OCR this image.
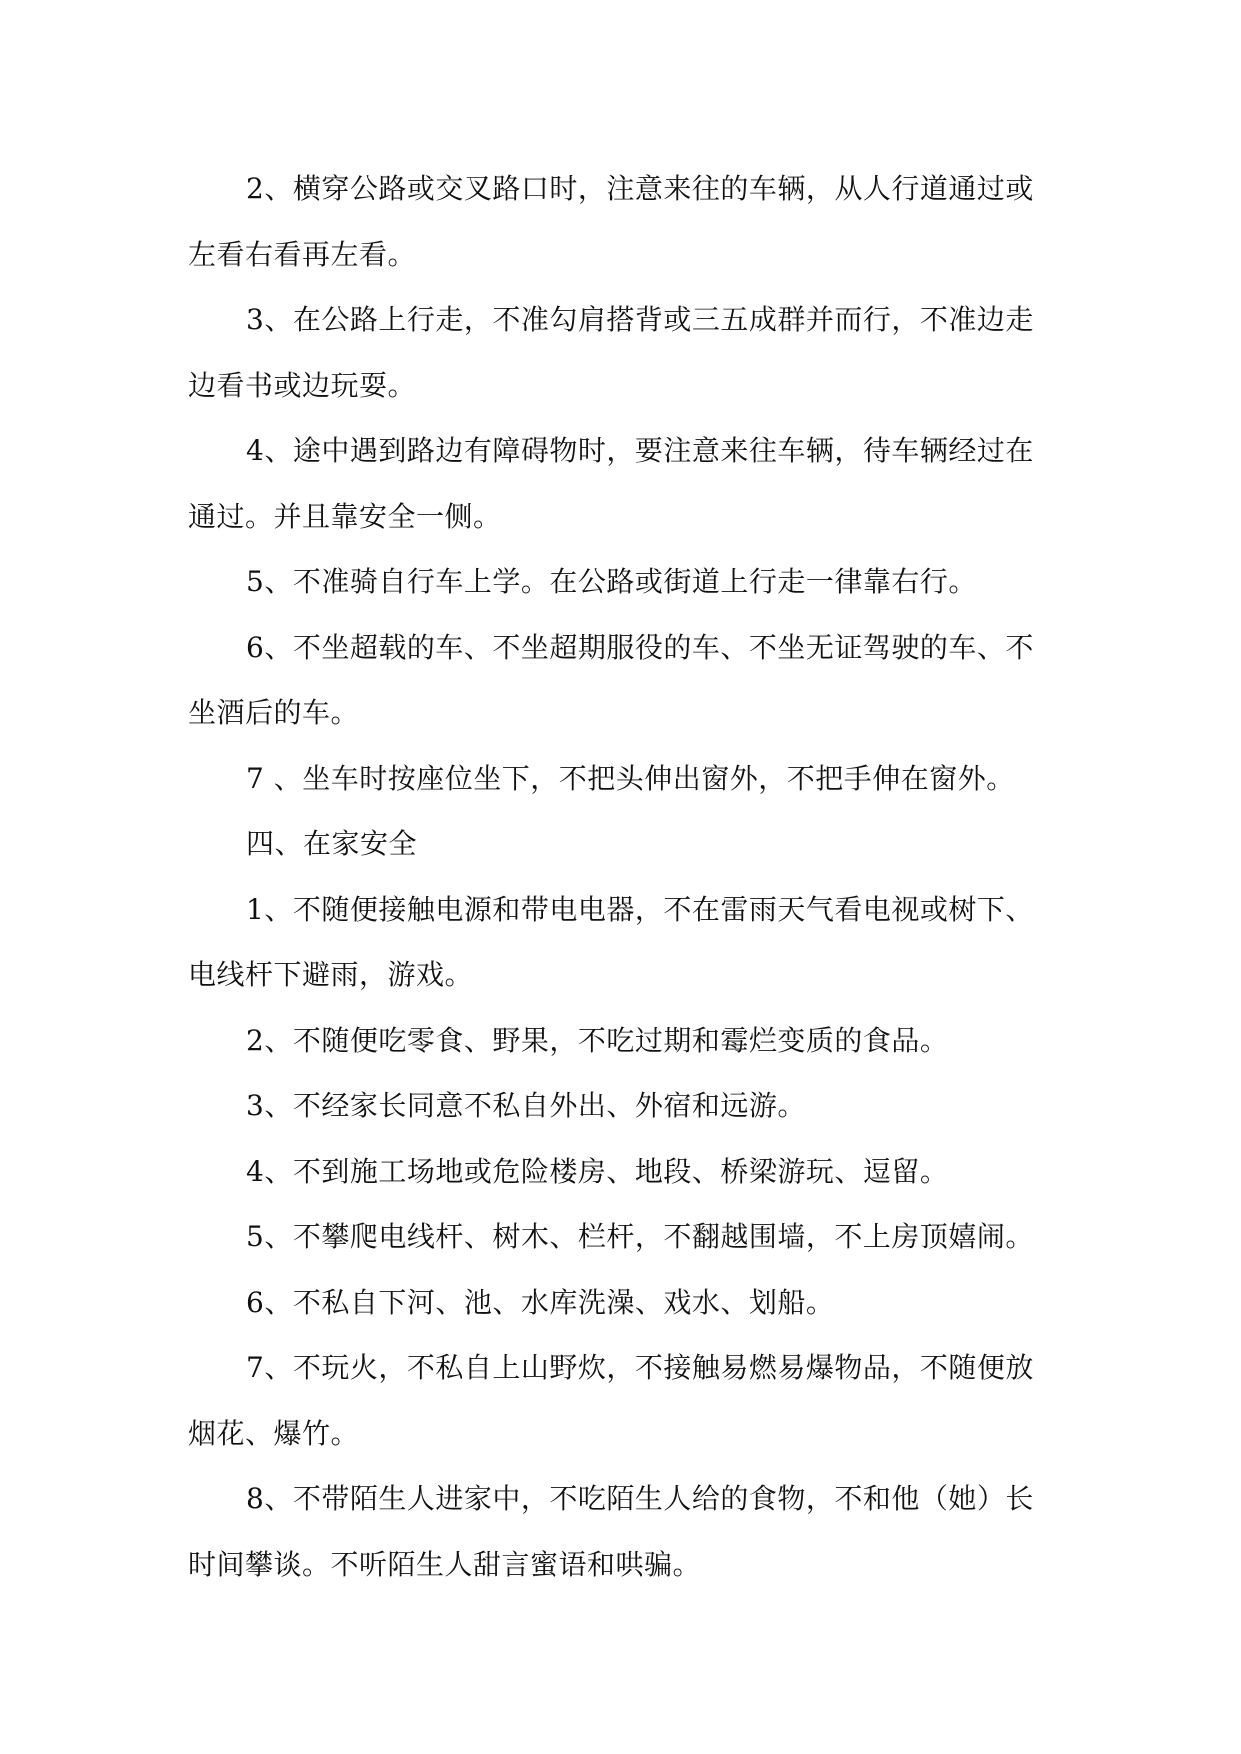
2、横穿公路或交叉路口时，注意来往的车辆，从人行道通过或左看右看再左看。

3、在公路上行走，不准勾肩搭背或三五成群并而行，不准边走边看书或边玩耍。

4、途中遇到路边有障碍物时，要注意来往车辆，待车辆经过在通过。并且靠安全一侧。

5、不准骑自行车上学。在公路或街道上行走一律靠右行。

6、不坐超载的车、不坐超期服役的车、不坐无证驾驶的车、不坐酒后的车。

7 、坐车时按座位坐下，不把头伸出窗外，不把手伸在窗外。

四、在家安全

1、不随便接触电源和带电电器，不在雷雨天气看电视或树下、电线杆下避雨，游戏。

2、不随便吃零食、野果，不吃过期和霉烂变质的食品。

3、不经家长同意不私自外出、外宿和远游。

4、不到施工场地或危险楼房、地段、桥梁游玩、逗留。

5、不攀爬电线杆、树木、栏杆，不翻越围墙，不上房顶嬉闹。

6、不私自下河、池、水库洗澡、戏水、划船。

7、不玩火，不私自上山野炊，不接触易燃易爆物品，不随便放烟花、爆竹。

8、不带陌生人进家中，不吃陌生人给的食物，不和他（她）长时间攀谈。不听陌生人甜言蜜语和哄骗。
